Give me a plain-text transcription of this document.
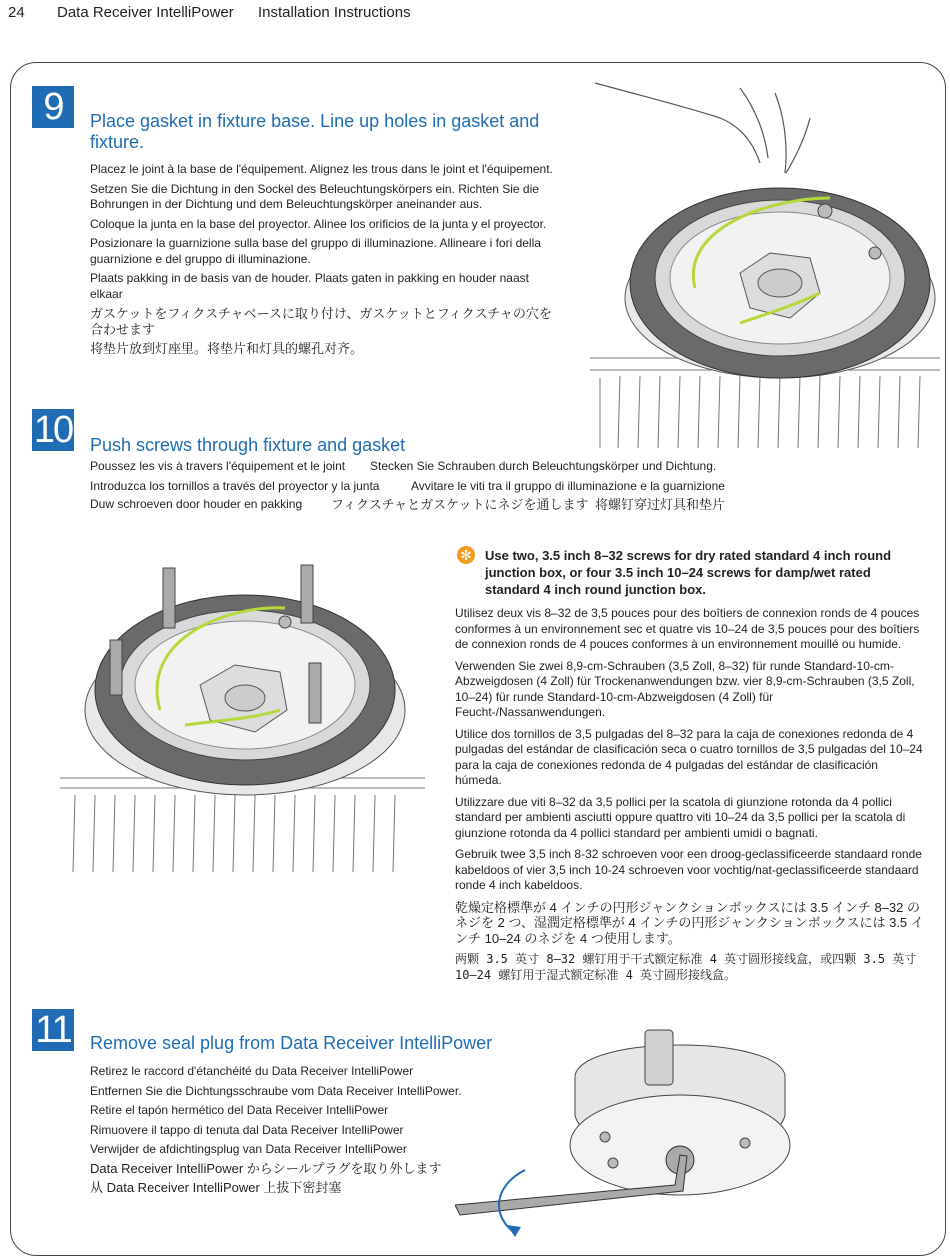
24 Data Receiver IntelliPower Installation Instructions
9	Place gasket in fixture base. Line up holes in gasket and fixture.

Placez le joint à la base de l'équipement. Alignez les trous dans le joint et l'équipement.

Setzen Sie die Dichtung in den Sockel des Beleuchtungskörpers ein. Richten Sie die Bohrungen in der Dichtung und dem Beleuchtungskörper aneinander aus.

Coloque la junta en la base del proyector. Alinee los orificios de la junta y el proyector.

Posizionare la guarnizione sulla base del gruppo di illuminazione. Allineare i fori della guarnizione e del gruppo di illuminazione.

Plaats pakking in de basis van de houder. Plaats gaten in pakking en houder naast elkaar

ガスケットをフィクスチャベースに取り付け、ガスケットとフィクスチャの穴を合わせます

将垫片放到灯座里。将垫片和灯具的螺孔对齐。

10 Push screws through fixture and gasket
Poussez les vis à travers l'équipement et le joint Stecken Sie Schrauben durch Beleuchtungskörper und Dichtung.
Introduzca los tornillos a través del proyector y la junta	Avvitare le viti tra il gruppo di illuminazione e la guarnizione
Duw schroeven door houder en pakking フィクスチャとガスケットにネジを通します 将螺钉穿过灯具和垫片
✻ Use two, 3.5 inch 8–32 screws for dry rated standard 4 inch round junction box, or four 3.5 inch 10–24 screws for damp/wet rated standard 4 inch round junction box.

Utilisez deux vis 8–32 de 3,5 pouces pour des boîtiers de connexion ronds de 4 pouces conformes à un environnement sec et quatre vis 10–24 de 3,5 pouces pour des boîtiers de connexion ronds de 4 pouces conformes à un environnement mouillé ou humide.

Verwenden Sie zwei 8,9-cm-Schrauben (3,5 Zoll, 8–32) für runde Standard-10-cm-Abzweigdosen (4 Zoll) für Trockenanwendungen bzw. vier 8,9-cm-Schrauben (3,5 Zoll, 10–24) für runde Standard-10-cm-Abzweigdosen (4 Zoll) für Feucht-/Nassanwendungen.

Utilice dos tornillos de 3,5 pulgadas del 8–32 para la caja de conexiones redonda de 4 pulgadas del estándar de clasificación seca o cuatro tornillos de 3,5 pulgadas del 10–24 para la caja de conexiones redonda de 4 pulgadas del estándar de clasificación húmeda.

Utilizzare due viti 8–32 da 3,5 pollici per la scatola di giunzione rotonda da 4 pollici standard per ambienti asciutti oppure quattro viti 10–24 da 3,5 pollici per la scatola di giunzione rotonda da 4 pollici standard per ambienti umidi o bagnati.

Gebruik twee 3,5 inch 8-32 schroeven voor een droog-geclassificeerde standaard ronde kabeldoos of vier 3,5 inch 10-24 schroeven voor vochtig/nat-geclassificeerde standaard ronde 4 inch kabeldoos.

乾燥定格標準が 4 インチの円形ジャンクションボックスには 3.5 インチ 8–32 のネジを 2 つ、湿潤定格標準が 4 インチの円形ジャンクションボックスには 3.5 インチ 10–24 のネジを 4 つ使用します。

两颗 3.5 英寸 8–32 螺钉用于干式额定标准 4 英寸圆形接线盒，或四颗 3.5 英寸 10–24 螺钉用于湿式额定标准 4 英寸圆形接线盒。

11 Remove seal plug from Data Receiver IntelliPower

Retirez le raccord d'étanchéité du Data Receiver IntelliPower

Entfernen Sie die Dichtungsschraube vom Data Receiver IntelliPower.

Retire el tapón hermético del Data Receiver IntelliPower

Rimuovere il tappo di tenuta dal Data Receiver IntelliPower

Verwijder de afdichtingsplug van Data Receiver IntelliPower

Data Receiver IntelliPower からシールプラグを取り外します

从 Data Receiver IntelliPower 上拔下密封塞
